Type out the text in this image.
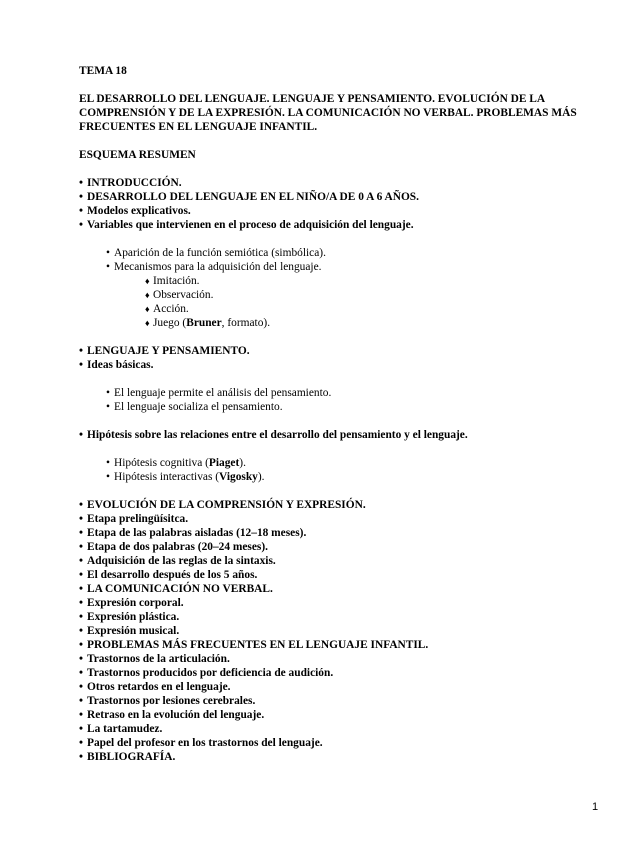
TEMA 18
EL DESARROLLO DEL LENGUAJE. LENGUAJE Y PENSAMIENTO. EVOLUCIÓN DE LA
COMPRENSIÓN Y DE LA EXPRESIÓN. LA COMUNICACIÓN NO VERBAL. PROBLEMAS MÁS
FRECUENTES EN EL LENGUAJE INFANTIL.
ESQUEMA RESUMEN
• INTRODUCCIÓN.
• DESARROLLO DEL LENGUAJE EN EL NIÑO/A DE 0 A 6 AÑOS.
• Modelos explicativos.
• Variables que intervienen en el proceso de adquisición del lenguaje.
• Aparición de la función semiótica (simbólica).
• Mecanismos para la adquisición del lenguaje.
♦ Imitación.
♦ Observación.
♦ Acción.
♦ Juego (Bruner, formato).
• LENGUAJE Y PENSAMIENTO.
• Ideas básicas.
• El lenguaje permite el análisis del pensamiento.
• El lenguaje socializa el pensamiento.
• Hipótesis sobre las relaciones entre el desarrollo del pensamiento y el lenguaje.
• Hipótesis cognitiva (Piaget).
• Hipótesis interactivas (Vigosky).
• EVOLUCIÓN DE LA COMPRENSIÓN Y EXPRESIÓN.
• Etapa prelingüísitca.
• Etapa de las palabras aisladas (12–18 meses).
• Etapa de dos palabras (20–24 meses).
• Adquisición de las reglas de la sintaxis.
• El desarrollo después de los 5 años.
• LA COMUNICACIÓN NO VERBAL.
• Expresión corporal.
• Expresión plástica.
• Expresión musical.
• PROBLEMAS MÁS FRECUENTES EN EL LENGUAJE INFANTIL.
• Trastornos de la articulación.
• Trastornos producidos por deficiencia de audición.
• Otros retardos en el lenguaje.
• Trastornos por lesiones cerebrales.
• Retraso en la evolución del lenguaje.
• La tartamudez.
• Papel del profesor en los trastornos del lenguaje.
• BIBLIOGRAFÍA.
1
